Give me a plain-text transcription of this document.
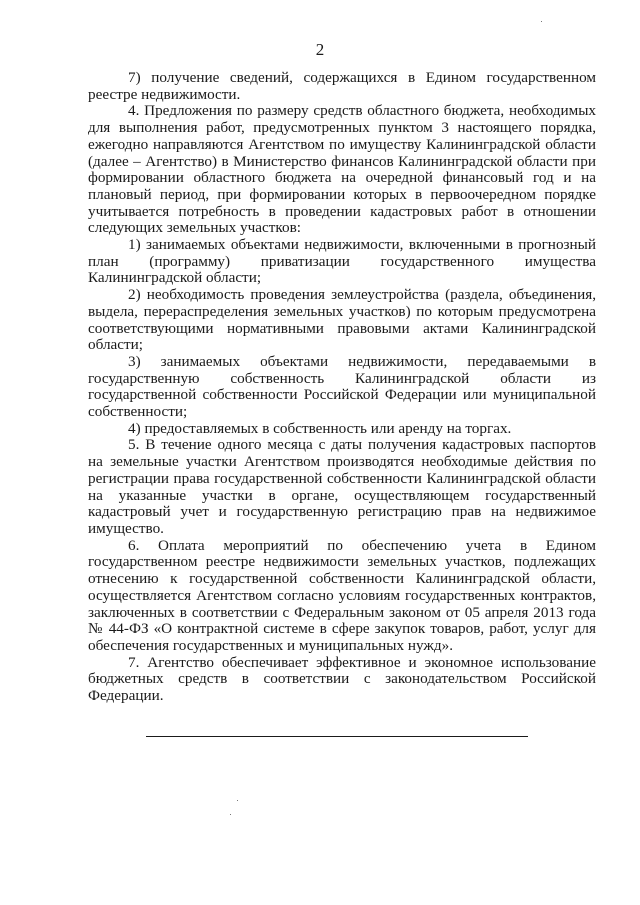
2

7) получение сведений, содержащихся в Едином государственном реестре недвижимости.

4. Предложения по размеру средств областного бюджета, необходимых для выполнения работ, предусмотренных пунктом 3 настоящего порядка, ежегодно направляются Агентством по имуществу Калининградской области (далее – Агентство) в Министерство финансов Калининградской области при формировании областного бюджета на очередной финансовый год и на плановый период, при формировании которых в первоочередном порядке учитывается потребность в проведении кадастровых работ в отношении следующих земельных участков:

1) занимаемых объектами недвижимости, включенными в прогнозный план (программу) приватизации государственного имущества Калининградской области;

2) необходимость проведения землеустройства (раздела, объединения, выдела, перераспределения земельных участков) по которым предусмотрена соответствующими нормативными правовыми актами Калининградской области;

3) занимаемых объектами недвижимости, передаваемыми в государственную собственность Калининградской области из государственной собственности Российской Федерации или муниципальной собственности;

4) предоставляемых в собственность или аренду на торгах.

5. В течение одного месяца с даты получения кадастровых паспортов на земельные участки Агентством производятся необходимые действия по регистрации права государственной собственности Калининградской области на указанные участки в органе, осуществляющем государственный кадастровый учет и государственную регистрацию прав на недвижимое имущество.

6. Оплата мероприятий по обеспечению учета в Едином государственном реестре недвижимости земельных участков, подлежащих отнесению к государственной собственности Калининградской области, осуществляется Агентством согласно условиям государственных контрактов, заключенных в соответствии с Федеральным законом от 05 апреля 2013 года № 44-ФЗ «О контрактной системе в сфере закупок товаров, работ, услуг для обеспечения государственных и муниципальных нужд».

7. Агентство обеспечивает эффективное и экономное использование бюджетных средств в соответствии с законодательством Российской Федерации.
